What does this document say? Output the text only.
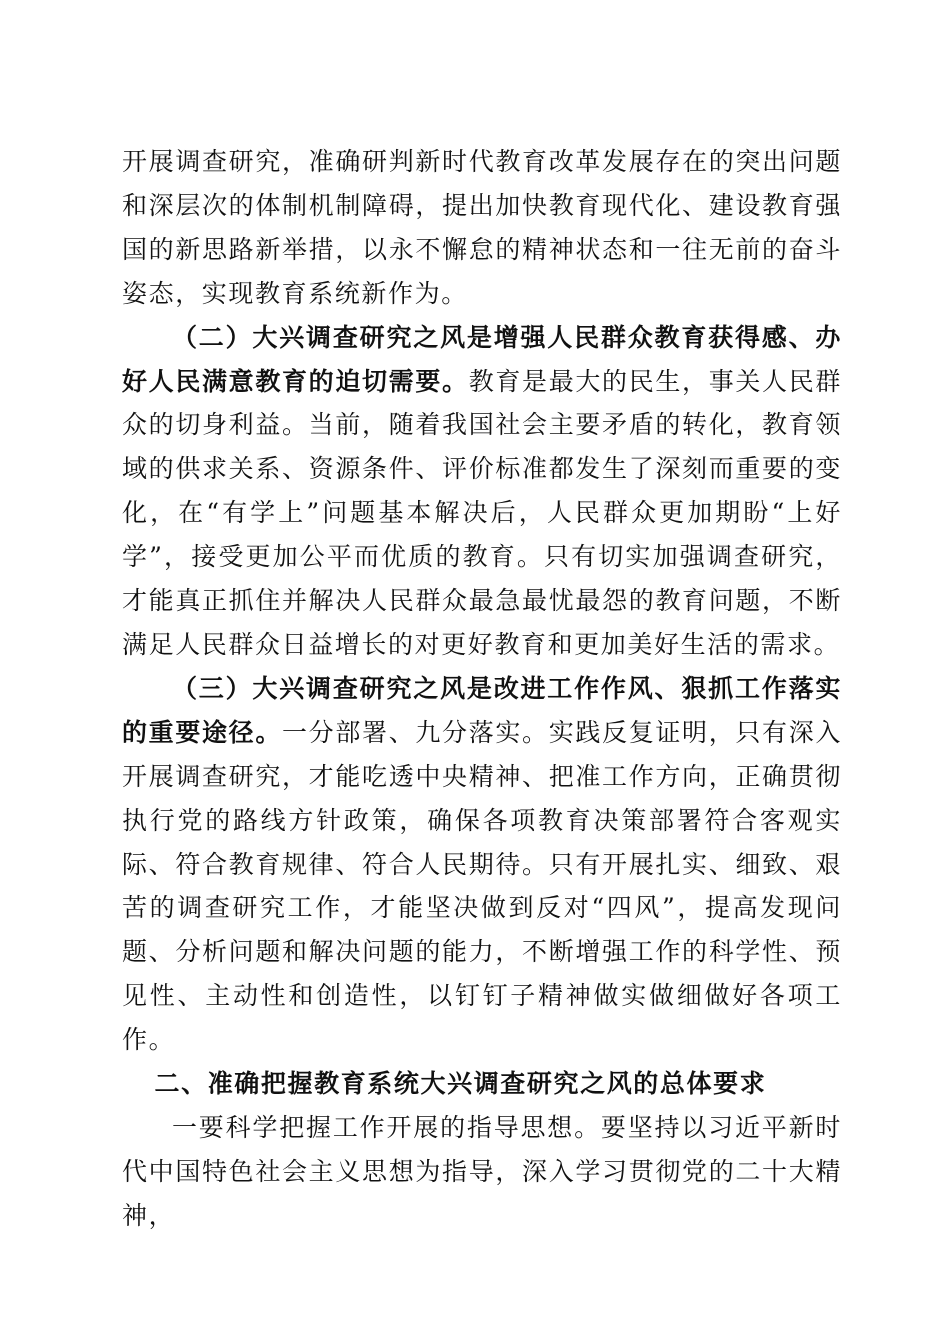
开展调查研究，准确研判新时代教育改革发展存在的突出问题和深层次的体制机制障碍，提出加快教育现代化、建设教育强国的新思路新举措，以永不懈怠的精神状态和一往无前的奋斗姿态，实现教育系统新作为。

（二）大兴调查研究之风是增强人民群众教育获得感、办好人民满意教育的迫切需要。教育是最大的民生，事关人民群众的切身利益。当前，随着我国社会主要矛盾的转化，教育领域的供求关系、资源条件、评价标准都发生了深刻而重要的变化，在“有学上”问题基本解决后，人民群众更加期盼“上好学”，接受更加公平而优质的教育。只有切实加强调查研究，才能真正抓住并解决人民群众最急最忧最怨的教育问题，不断满足人民群众日益增长的对更好教育和更加美好生活的需求。

（三）大兴调查研究之风是改进工作作风、狠抓工作落实的重要途径。一分部署、九分落实。实践反复证明，只有深入开展调查研究，才能吃透中央精神、把准工作方向，正确贯彻执行党的路线方针政策，确保各项教育决策部署符合客观实际、符合教育规律、符合人民期待。只有开展扎实、细致、艰苦的调查研究工作，才能坚决做到反对“四风”，提高发现问题、分析问题和解决问题的能力，不断增强工作的科学性、预见性、主动性和创造性，以钉钉子精神做实做细做好各项工作。

二、准确把握教育系统大兴调查研究之风的总体要求

一要科学把握工作开展的指导思想。要坚持以习近平新时代中国特色社会主义思想为指导，深入学习贯彻党的二十大精神，
